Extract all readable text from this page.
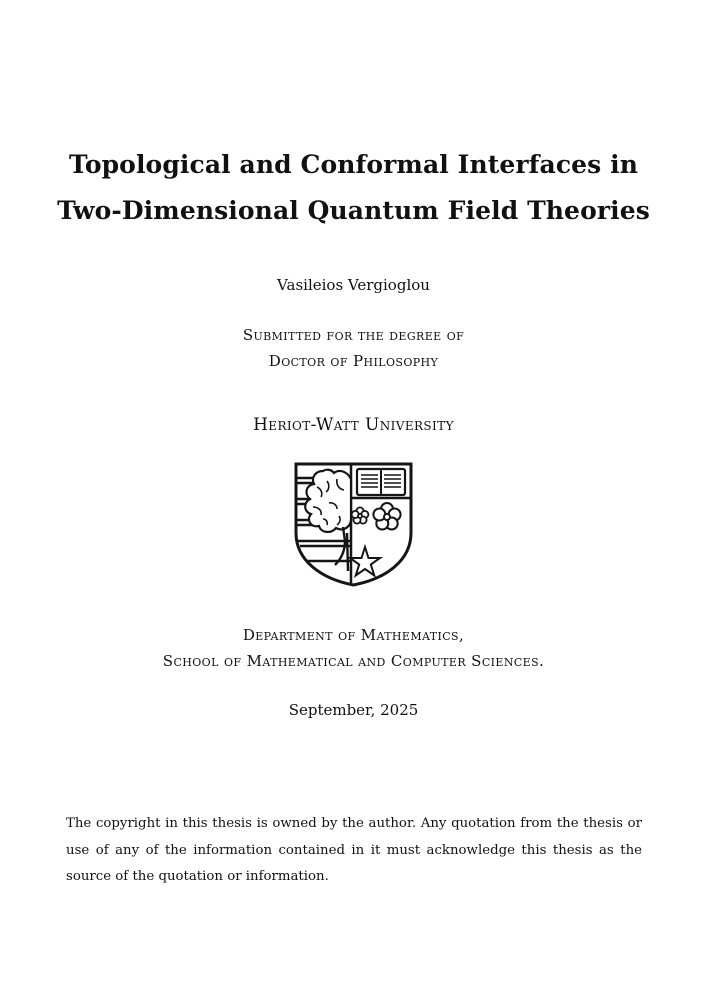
Topological and Conformal Interfaces in
Two-Dimensional Quantum Field Theories
Vasileios Vergioglou
Submitted for the degree of
Doctor of Philosophy
Heriot-Watt University
Department of Mathematics,
School of Mathematical and Computer Sciences.
September, 2025

The copyright in this thesis is owned by the author. Any quotation from the thesis or use of any of the information contained in it must acknowledge this thesis as the source of the quotation or information.
